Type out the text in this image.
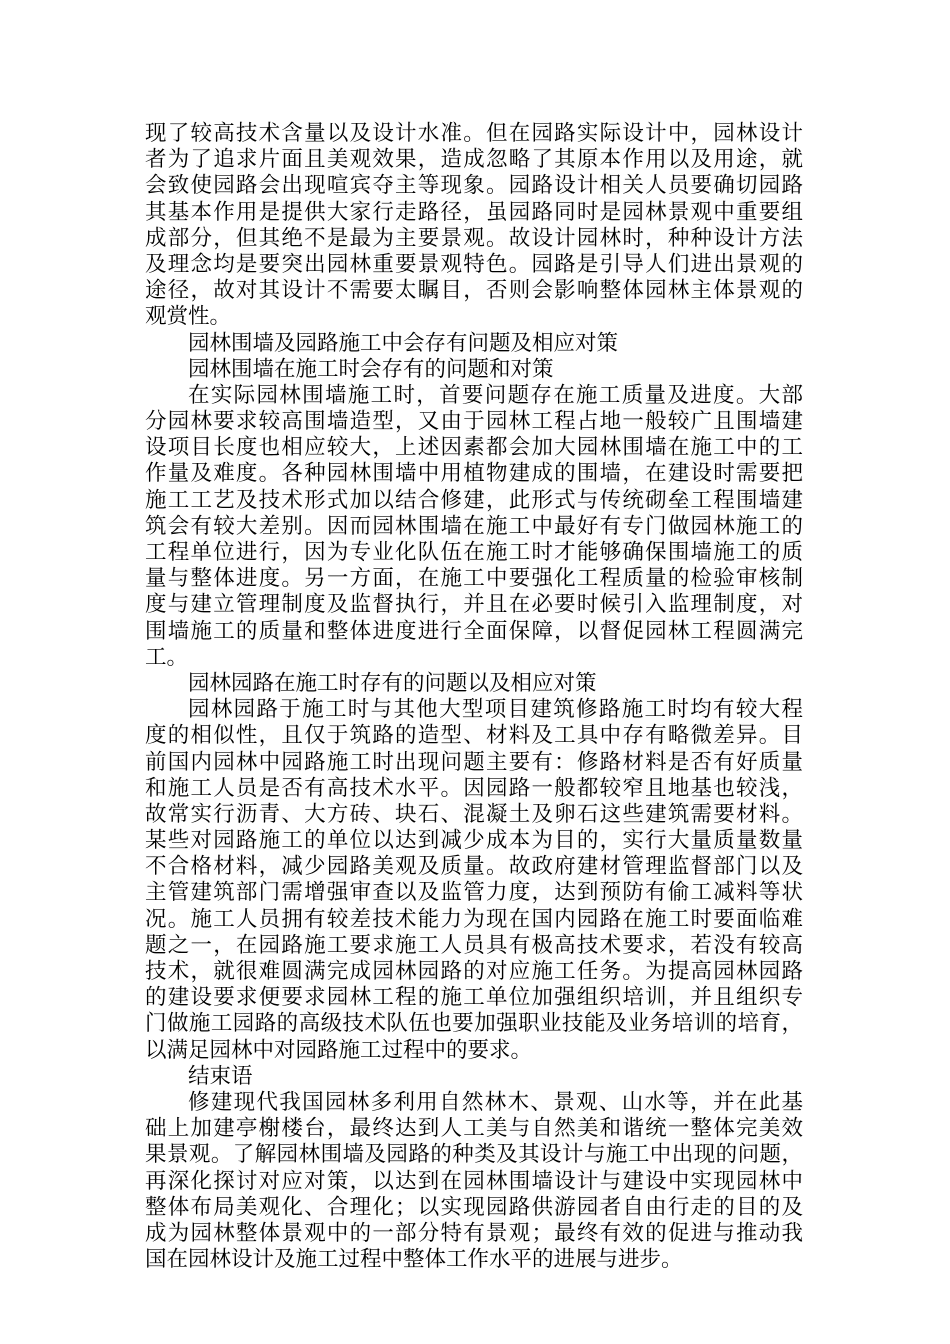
现了较高技术含量以及设计水准。但在园路实际设计中，园林设计
者为了追求片面且美观效果，造成忽略了其原本作用以及用途，就
会致使园路会出现喧宾夺主等现象。园路设计相关人员要确切园路
其基本作用是提供大家行走路径，虽园路同时是园林景观中重要组
成部分，但其绝不是最为主要景观。故设计园林时，种种设计方法
及理念均是要突出园林重要景观特色。园路是引导人们进出景观的
途径，故对其设计不需要太瞩目，否则会影响整体园林主体景观的
观赏性。

园林围墙及园路施工中会存有问题及相应对策

园林围墙在施工时会存有的问题和对策

在实际园林围墙施工时，首要问题存在施工质量及进度。大部
分园林要求较高围墙造型，又由于园林工程占地一般较广且围墙建
设项目长度也相应较大，上述因素都会加大园林围墙在施工中的工
作量及难度。各种园林围墙中用植物建成的围墙，在建设时需要把
施工工艺及技术形式加以结合修建，此形式与传统砌垒工程围墙建
筑会有较大差别。因而园林围墙在施工中最好有专门做园林施工的
工程单位进行，因为专业化队伍在施工时才能够确保围墙施工的质
量与整体进度。另一方面，在施工中要强化工程质量的检验审核制
度与建立管理制度及监督执行，并且在必要时候引入监理制度，对
围墙施工的质量和整体进度进行全面保障，以督促园林工程圆满完
工。

园林园路在施工时存有的问题以及相应对策

园林园路于施工时与其他大型项目建筑修路施工时均有较大程
度的相似性，且仅于筑路的造型、材料及工具中存有略微差异。目
前国内园林中园路施工时出现问题主要有：修路材料是否有好质量
和施工人员是否有高技术水平。因园路一般都较窄且地基也较浅，
故常实行沥青、大方砖、块石、混凝土及卵石这些建筑需要材料。
某些对园路施工的单位以达到减少成本为目的，实行大量质量数量
不合格材料，减少园路美观及质量。故政府建材管理监督部门以及
主管建筑部门需增强审查以及监管力度，达到预防有偷工减料等状
况。施工人员拥有较差技术能力为现在国内园路在施工时要面临难
题之一，在园路施工要求施工人员具有极高技术要求，若没有较高
技术，就很难圆满完成园林园路的对应施工任务。为提高园林园路
的建设要求便要求园林工程的施工单位加强组织培训，并且组织专
门做施工园路的高级技术队伍也要加强职业技能及业务培训的培育，
以满足园林中对园路施工过程中的要求。

结束语

修建现代我国园林多利用自然林木、景观、山水等，并在此基
础上加建亭榭楼台，最终达到人工美与自然美和谐统一整体完美效
果景观。了解园林围墙及园路的种类及其设计与施工中出现的问题，
再深化探讨对应对策，以达到在园林围墙设计与建设中实现园林中
整体布局美观化、合理化；以实现园路供游园者自由行走的目的及
成为园林整体景观中的一部分特有景观；最终有效的促进与推动我
国在园林设计及施工过程中整体工作水平的进展与进步。
